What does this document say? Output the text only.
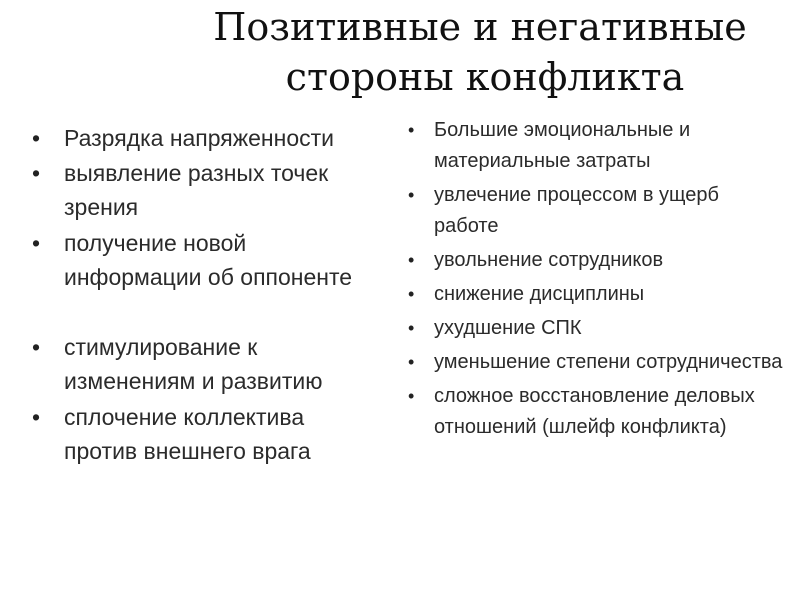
Позитивные и негативные
стороны конфликта
• Разрядка напряженности
• выявление разных точек зрения
• получение новой информации об оппоненте
• стимулирование к изменениям и развитию
• сплочение коллектива против внешнего врага
• Большие эмоциональные и материальные затраты
• увлечение процессом в ущерб работе
• увольнение сотрудников
• снижение дисциплины
• ухудшение СПК
• уменьшение степени сотрудничества
• сложное восстановление деловых отношений (шлейф конфликта)
